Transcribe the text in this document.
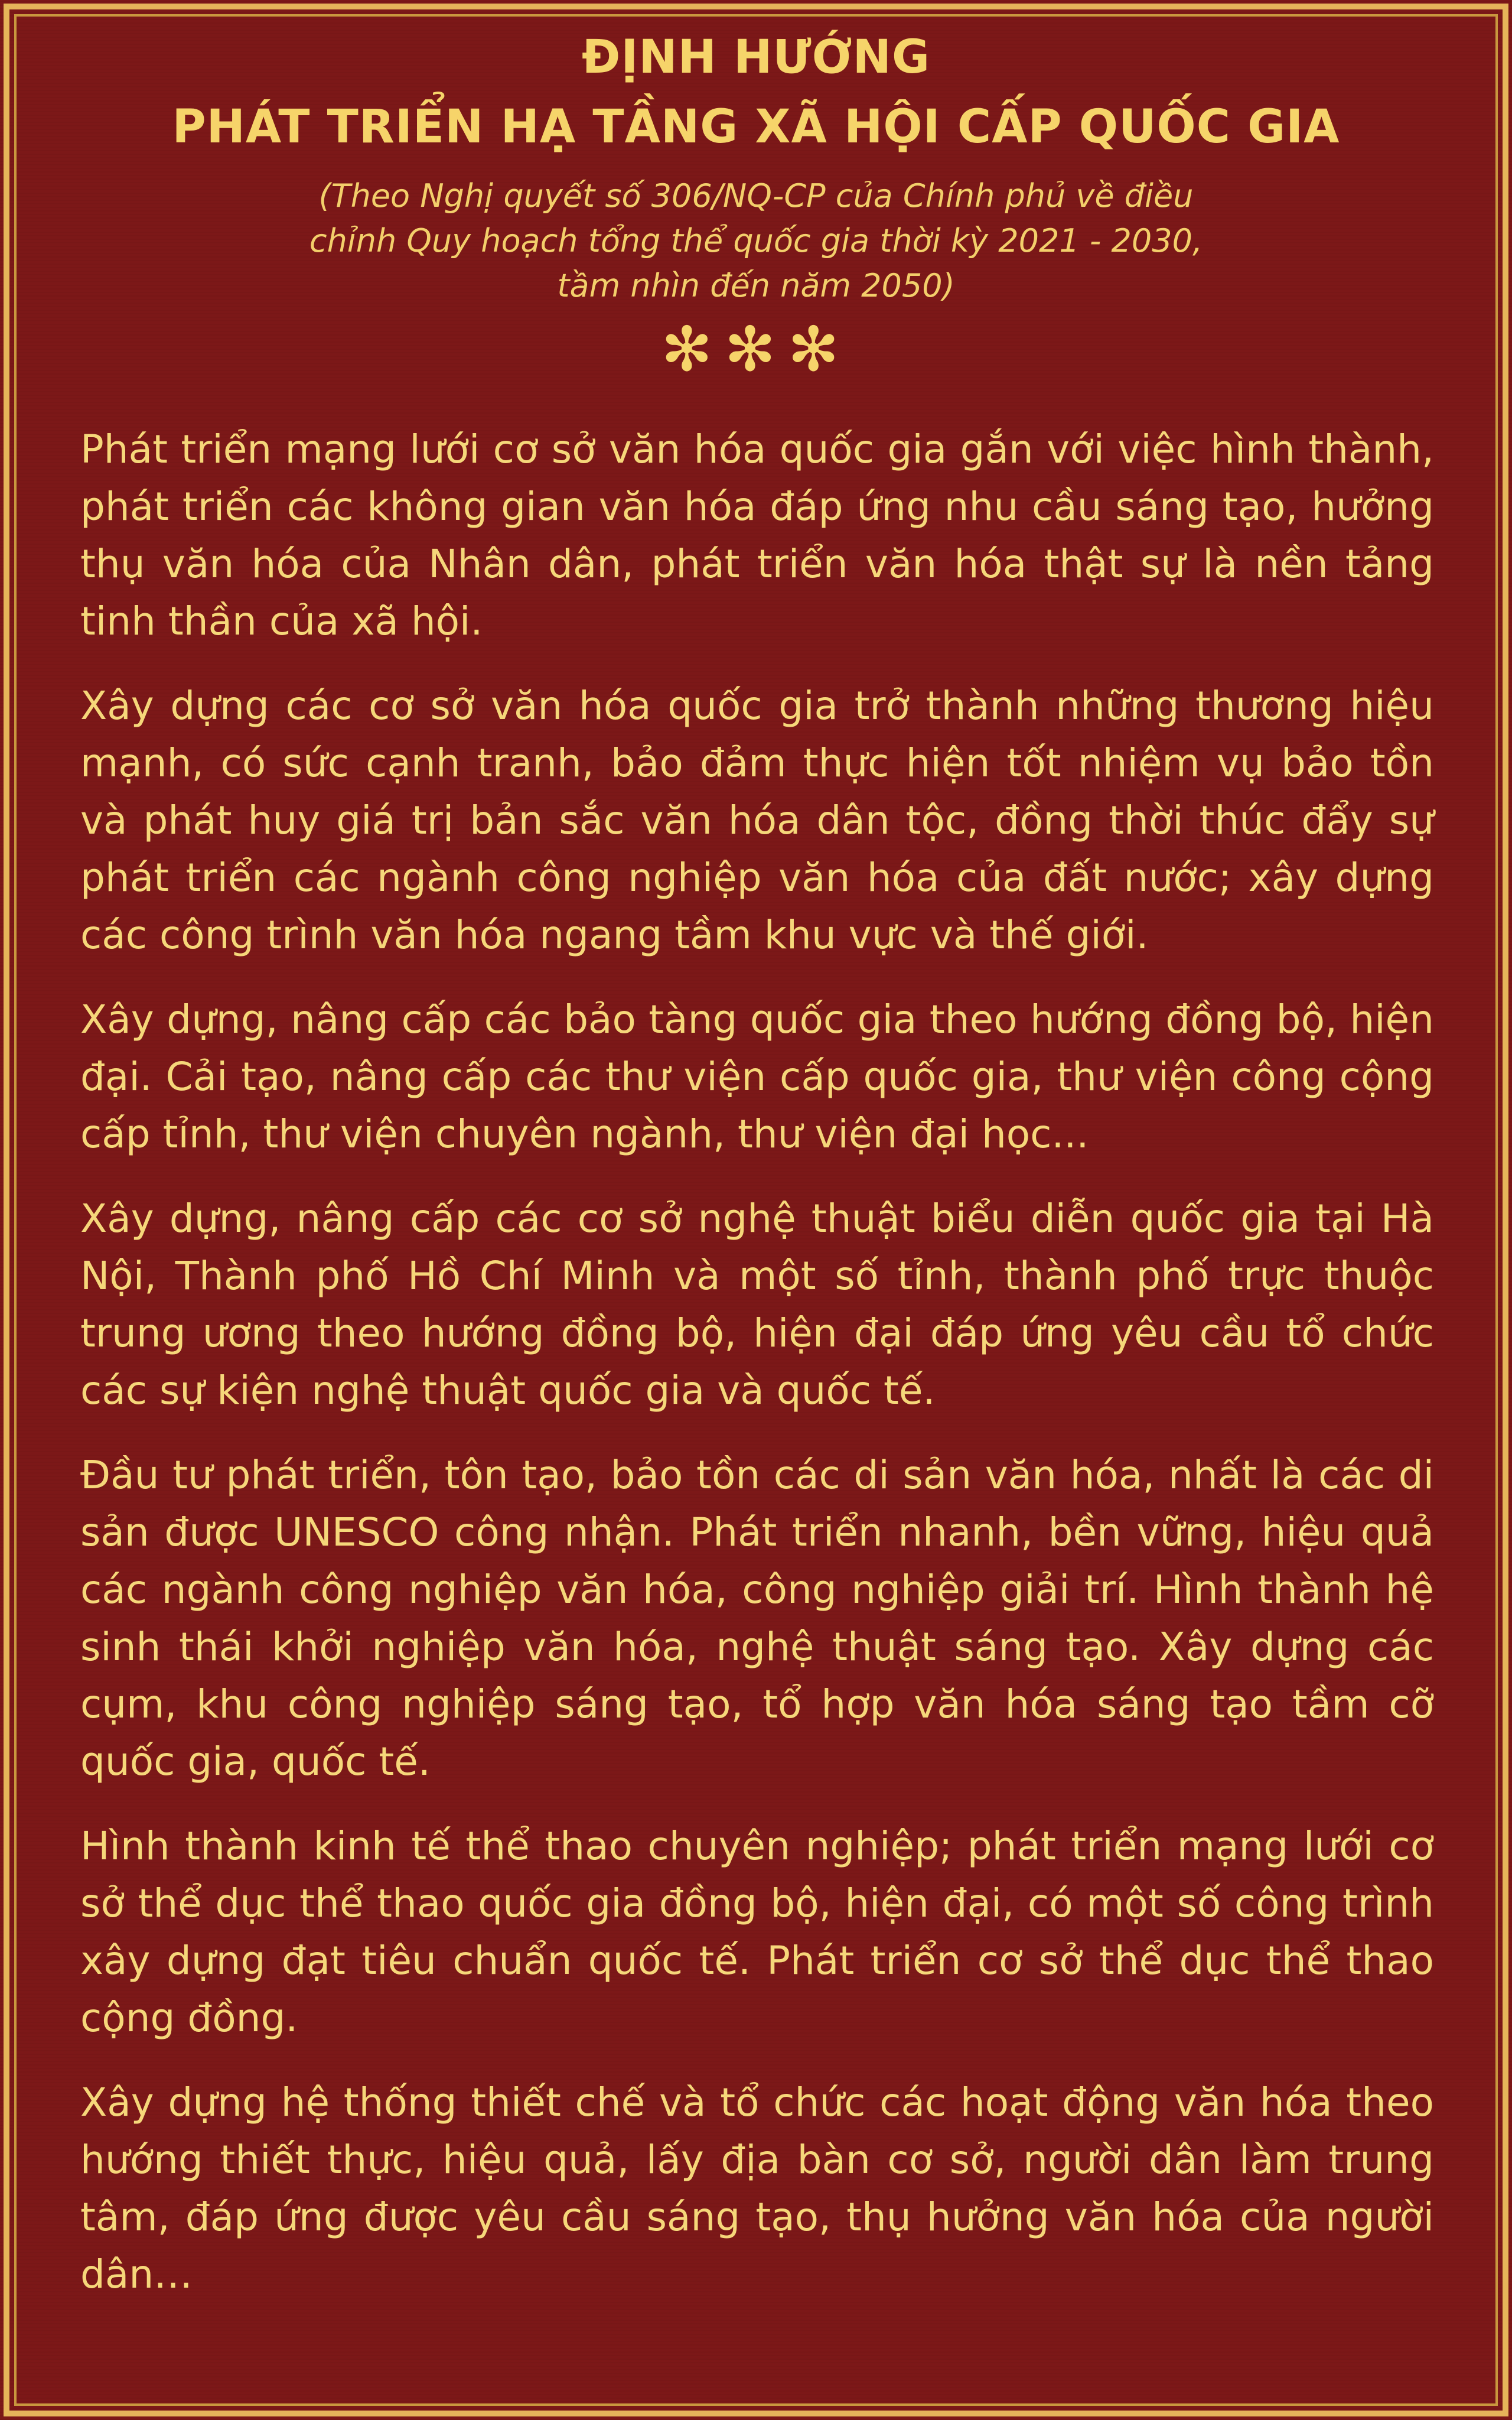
ĐỊNH HƯỚNG
PHÁT TRIỂN HẠ TẦNG XÃ HỘI CẤP QUỐC GIA
(Theo Nghị quyết số 306/NQ-CP của Chính phủ về điều
chỉnh Quy hoạch tổng thể quốc gia thời kỳ 2021 - 2030,
tầm nhìn đến năm 2050)
✻✻✻

Phát triển mạng lưới cơ sở văn hóa quốc gia gắn với việc hình thành, phát triển các không gian văn hóa đáp ứng nhu cầu sáng tạo, hưởng thụ văn hóa của Nhân dân, phát triển văn hóa thật sự là nền tảng tinh thần của xã hội.

Xây dựng các cơ sở văn hóa quốc gia trở thành những thương hiệu mạnh, có sức cạnh tranh, bảo đảm thực hiện tốt nhiệm vụ bảo tồn và phát huy giá trị bản sắc văn hóa dân tộc, đồng thời thúc đẩy sự phát triển các ngành công nghiệp văn hóa của đất nước; xây dựng các công trình văn hóa ngang tầm khu vực và thế giới.

Xây dựng, nâng cấp các bảo tàng quốc gia theo hướng đồng bộ, hiện đại. Cải tạo, nâng cấp các thư viện cấp quốc gia, thư viện công cộng cấp tỉnh, thư viện chuyên ngành, thư viện đại học...

Xây dựng, nâng cấp các cơ sở nghệ thuật biểu diễn quốc gia tại Hà Nội, Thành phố Hồ Chí Minh và một số tỉnh, thành phố trực thuộc trung ương theo hướng đồng bộ, hiện đại đáp ứng yêu cầu tổ chức các sự kiện nghệ thuật quốc gia và quốc tế.

Đầu tư phát triển, tôn tạo, bảo tồn các di sản văn hóa, nhất là các di sản được UNESCO công nhận. Phát triển nhanh, bền vững, hiệu quả các ngành công nghiệp văn hóa, công nghiệp giải trí. Hình thành hệ sinh thái khởi nghiệp văn hóa, nghệ thuật sáng tạo. Xây dựng các cụm, khu công nghiệp sáng tạo, tổ hợp văn hóa sáng tạo tầm cỡ quốc gia, quốc tế.

Hình thành kinh tế thể thao chuyên nghiệp; phát triển mạng lưới cơ sở thể dục thể thao quốc gia đồng bộ, hiện đại, có một số công trình xây dựng đạt tiêu chuẩn quốc tế. Phát triển cơ sở thể dục thể thao cộng đồng.

Xây dựng hệ thống thiết chế và tổ chức các hoạt động văn hóa theo hướng thiết thực, hiệu quả, lấy địa bàn cơ sở, người dân làm trung tâm, đáp ứng được yêu cầu sáng tạo, thụ hưởng văn hóa của người dân…
